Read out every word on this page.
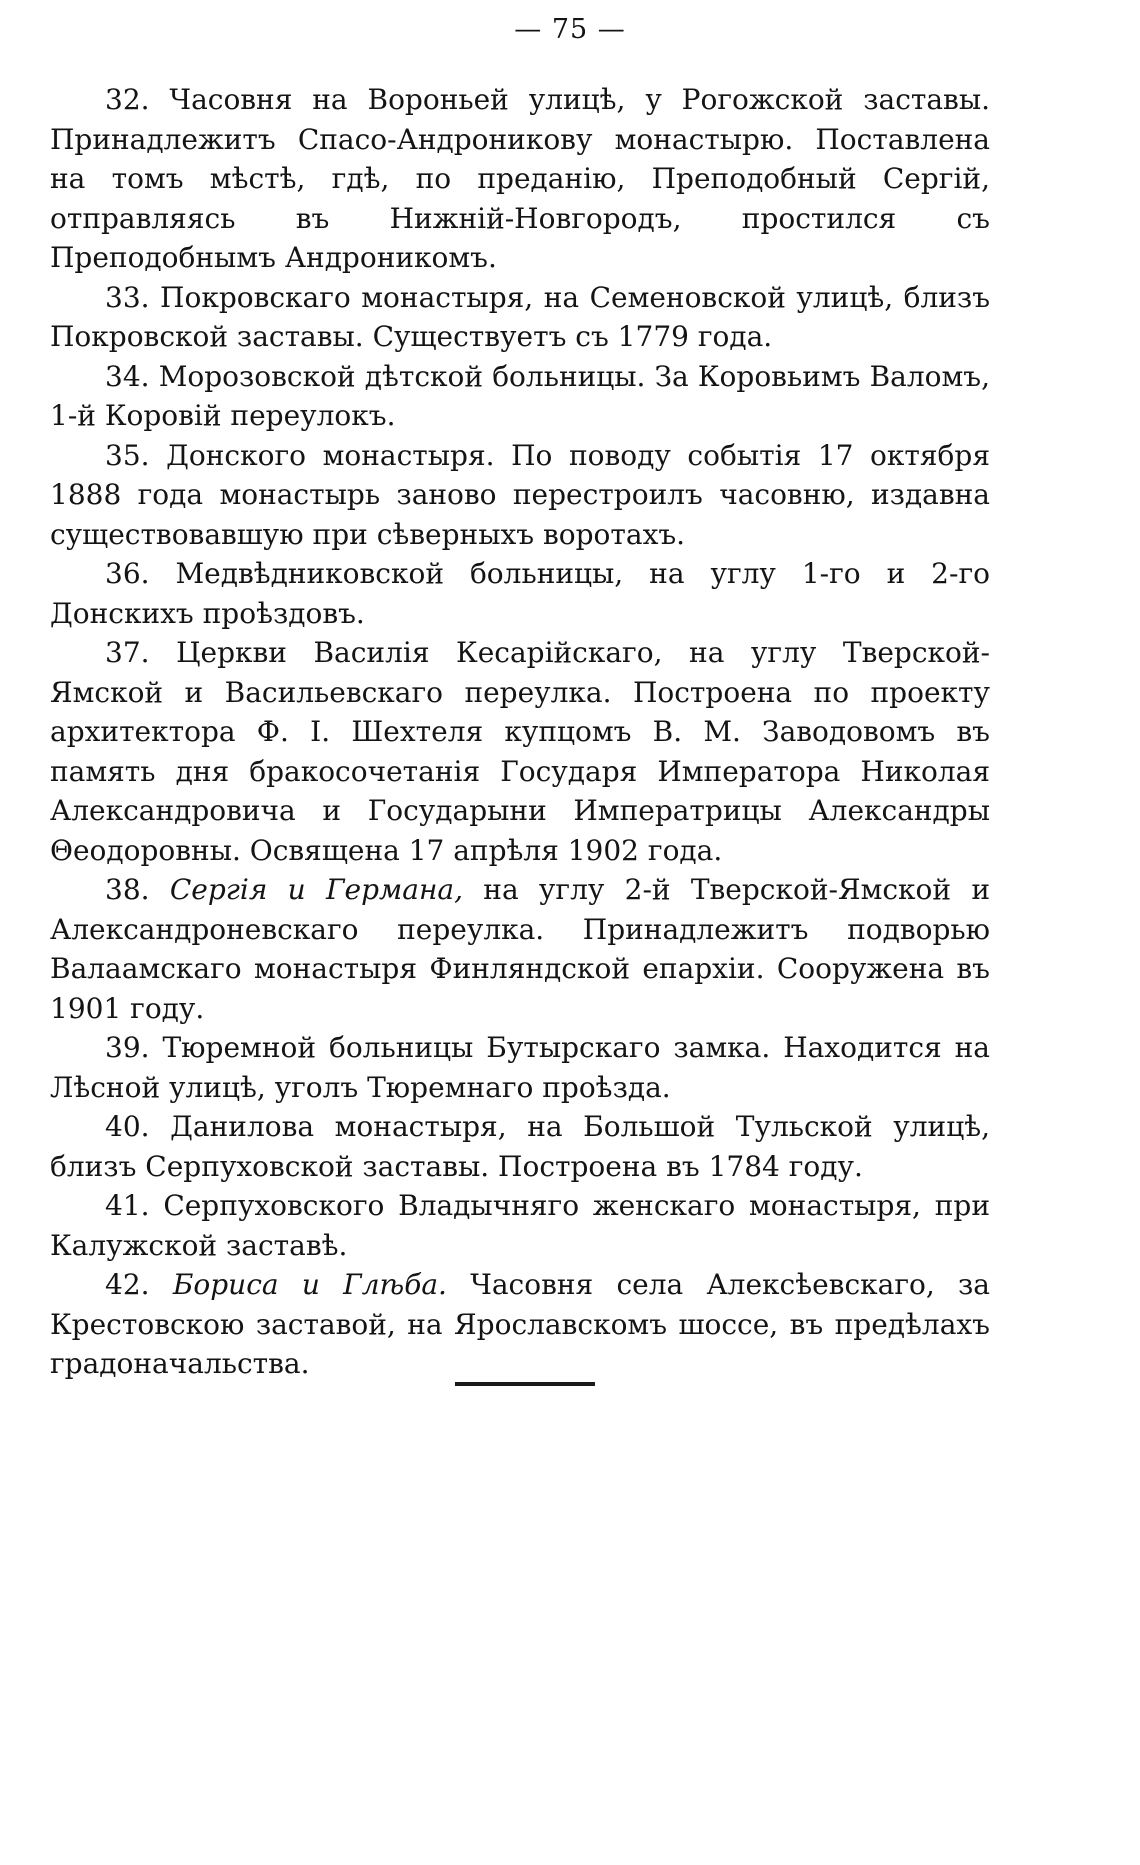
— 75 —

32. Часовня на Вороньей улицѣ, у Рогожской заставы. Принадлежитъ Спасо-Андроникову монастырю. Поставлена на томъ мѣстѣ, гдѣ, по преданію, Преподобный Сергій, отправляясь въ Нижній-Новгородъ, простился съ Преподобнымъ Андроникомъ.

33. Покровскаго монастыря, на Семеновской улицѣ, близъ Покровской заставы. Существуетъ съ 1779 года.

34. Морозовской дѣтской больницы. За Коровьимъ Валомъ, 1-й Коровій переулокъ.

35. Донского монастыря. По поводу событія 17 октября 1888 года монастырь заново перестроилъ часовню, издавна существовавшую при сѣверныхъ воротахъ.

36. Медвѣдниковской больницы, на углу 1-го и 2-го Донскихъ проѣздовъ.

37. Церкви Василія Кесарійскаго, на углу Тверской-Ямской и Васильевскаго переулка. Построена по проекту архитектора Ф. І. Шехтеля купцомъ В. М. Заводовомъ въ память дня бракосочетанія Государя Императора Николая Александровича и Государыни Императрицы Александры Θеодоровны. Освящена 17 апрѣля 1902 года.

38. Сергія и Германа, на углу 2-й Тверской-Ямской и Александроневскаго переулка. Принадлежитъ подворью Валаамскаго монастыря Финляндской епархіи. Сооружена въ 1901 году.

39. Тюремной больницы Бутырскаго замка. Находится на Лѣсной улицѣ, уголъ Тюремнаго проѣзда.

40. Данилова монастыря, на Большой Тульской улицѣ, близъ Серпуховской заставы. Построена въ 1784 году.

41. Серпуховского Владычняго женскаго монастыря, при Калужской заставѣ.

42. Бориса и Глѣба. Часовня села Алексѣевскаго, за Крестовскою заставой, на Ярославскомъ шоссе, въ предѣлахъ градоначальства.
